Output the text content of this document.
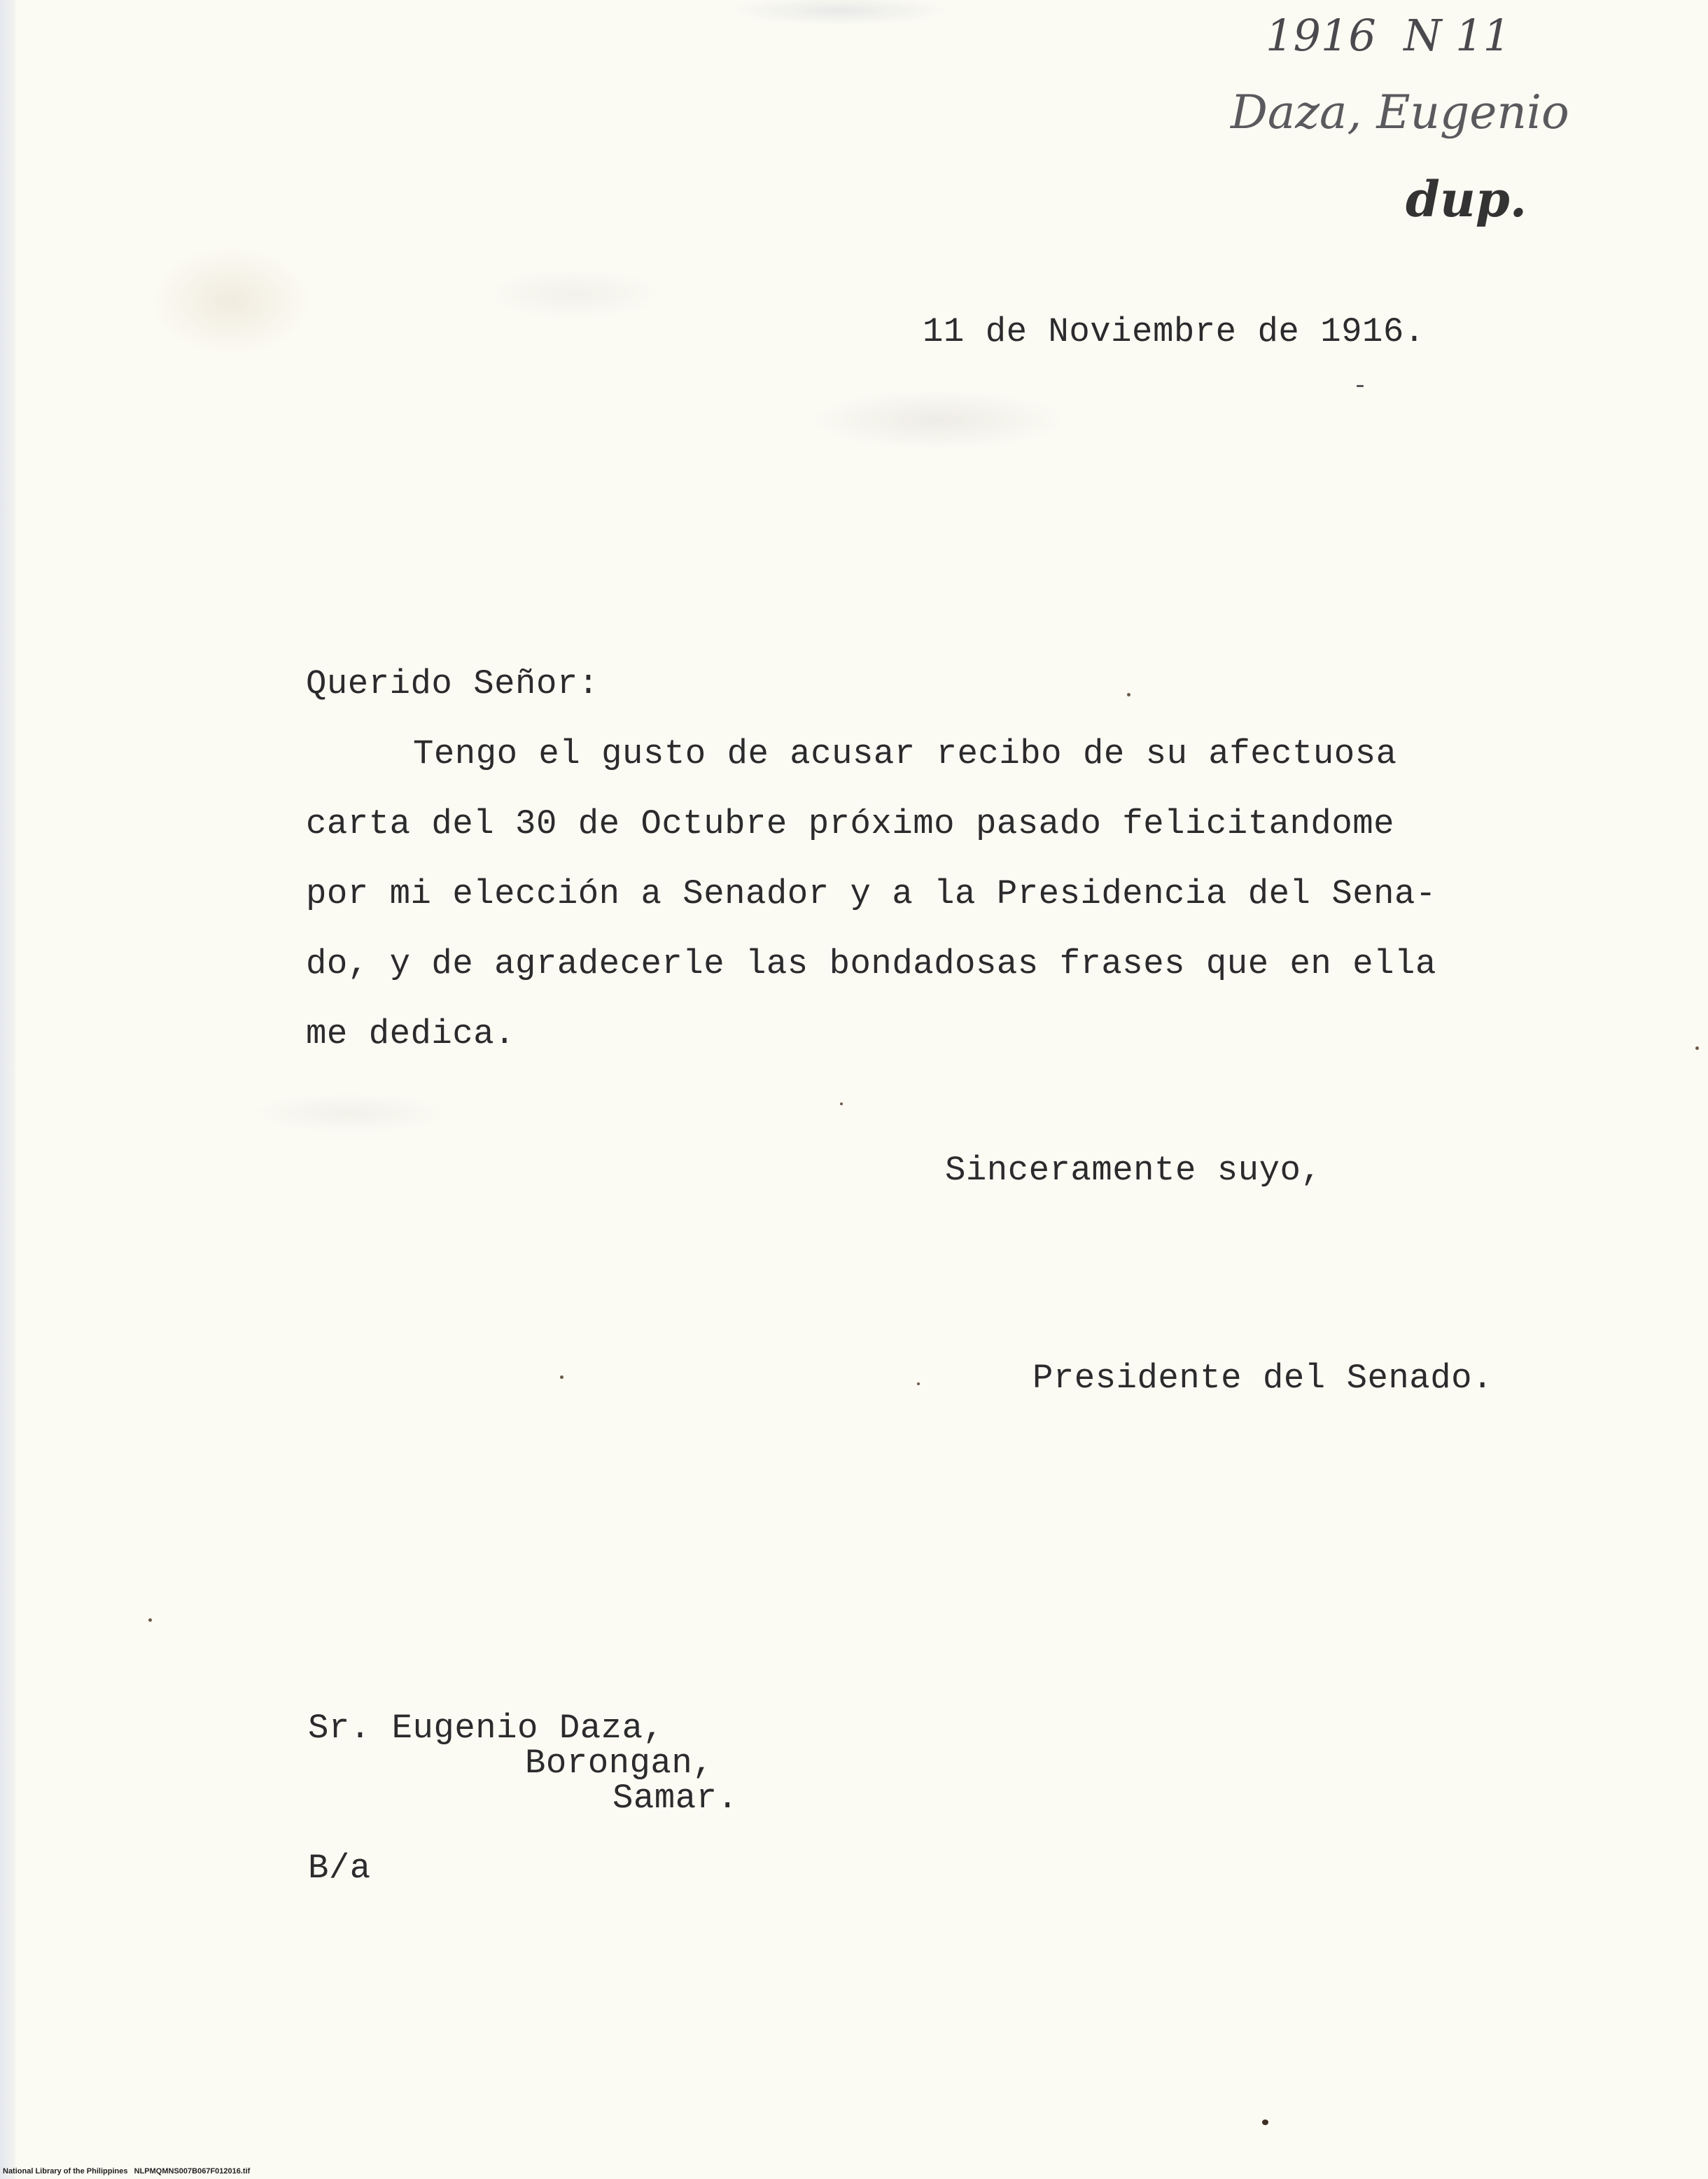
1916  N 11
Daza, Eugenio
dup.
11 de Noviembre de 1916.
Querido Señor:
Tengo el gusto de acusar recibo de su afectuosa
carta del 30 de Octubre próximo pasado felicitandome
por mi elección a Senador y a la Presidencia del Sena-
do, y de agradecerle las bondadosas frases que en ella
me dedica.
Sinceramente suyo,
Presidente del Senado.
Sr. Eugenio Daza,
Borongan,
Samar.
B/a
National Library of the Philippines NLPMQMNS007B067F012016.tif
